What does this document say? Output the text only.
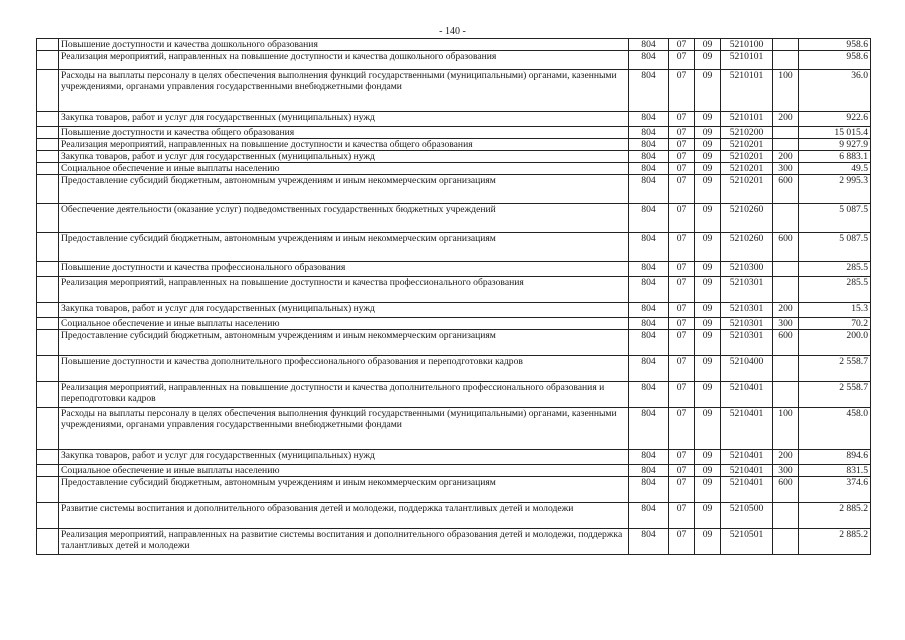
- 140 -
	Повышение доступности и качества дошкольного образования	804	07	09	5210100		958.6
	Реализация мероприятий, направленных на повышение доступности и качества дошкольного образования	804	07	09	5210101		958.6
	Расходы на выплаты персоналу в целях обеспечения выполнения функций государственными (муниципальными) органами, казенными учреждениями, органами управления государственными внебюджетными фондами	804	07	09	5210101	100	36.0
	Закупка товаров, работ и услуг для государственных (муниципальных) нужд	804	07	09	5210101	200	922.6
	Повышение доступности и качества общего образования	804	07	09	5210200		15 015.4
	Реализация мероприятий, направленных на повышение доступности и качества общего образования	804	07	09	5210201		9 927.9
	Закупка товаров, работ и услуг для государственных (муниципальных) нужд	804	07	09	5210201	200	6 883.1
	Социальное обеспечение и иные выплаты населению	804	07	09	5210201	300	49.5
	Предоставление субсидий бюджетным, автономным учреждениям и иным некоммерческим организациям	804	07	09	5210201	600	2 995.3
	Обеспечение деятельности (оказание услуг) подведомственных государственных бюджетных учреждений	804	07	09	5210260		5 087.5
	Предоставление субсидий бюджетным, автономным учреждениям и иным некоммерческим организациям	804	07	09	5210260	600	5 087.5
	Повышение доступности и качества профессионального образования	804	07	09	5210300		285.5
	Реализация мероприятий, направленных на повышение доступности и качества профессионального образования	804	07	09	5210301		285.5
	Закупка товаров, работ и услуг для государственных (муниципальных) нужд	804	07	09	5210301	200	15.3
	Социальное обеспечение и иные выплаты населению	804	07	09	5210301	300	70.2
	Предоставление субсидий бюджетным, автономным учреждениям и иным некоммерческим организациям	804	07	09	5210301	600	200.0
	Повышение доступности и качества дополнительного профессионального образования и переподготовки кадров	804	07	09	5210400		2 558.7
	Реализация мероприятий, направленных на повышение доступности и качества дополнительного профессионального образования и переподготовки кадров	804	07	09	5210401		2 558.7
	Расходы на выплаты персоналу в целях обеспечения выполнения функций государственными (муниципальными) органами, казенными учреждениями, органами управления государственными внебюджетными фондами	804	07	09	5210401	100	458.0
	Закупка товаров, работ и услуг для государственных (муниципальных) нужд	804	07	09	5210401	200	894.6
	Социальное обеспечение и иные выплаты населению	804	07	09	5210401	300	831.5
	Предоставление субсидий бюджетным, автономным учреждениям и иным некоммерческим организациям	804	07	09	5210401	600	374.6
	Развитие системы воспитания и дополнительного образования детей и молодежи, поддержка талантливых детей и молодежи	804	07	09	5210500		2 885.2
	Реализация мероприятий, направленных на развитие системы воспитания и дополнительного образования детей и молодежи, поддержка талантливых детей и молодежи	804	07	09	5210501		2 885.2
